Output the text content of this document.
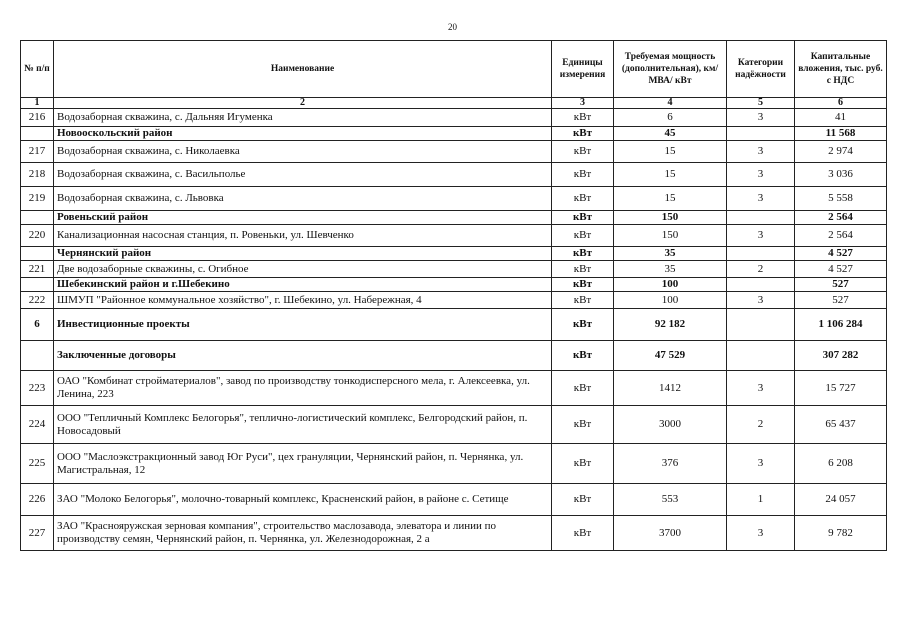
20
№ п/п	Наименование	Единицы измерения	Требуемая мощность (дополнительная), км/ МВА/ кВт	Категории надёжности	Капитальные вложения, тыс. руб. с НДС
1	2	3	4	5	6
216	Водозаборная скважина, с. Дальняя Игуменка	кВт	6	3	41
	Новооскольский район	кВт	45		11 568
217	Водозаборная скважина, с. Николаевка	кВт	15	3	2 974
218	Водозаборная скважина, с. Васильполье	кВт	15	3	3 036
219	Водозаборная скважина, с. Львовка	кВт	15	3	5 558
	Ровеньский район	кВт	150		2 564
220	Канализационная насосная станция, п. Ровеньки, ул. Шевченко	кВт	150	3	2 564
	Чернянский район	кВт	35		4 527
221	Две водозаборные скважины, с. Огибное	кВт	35	2	4 527
	Шебекинский район и г.Шебекино	кВт	100		527
222	ШМУП "Районное коммунальное хозяйство", г. Шебекино, ул. Набережная, 4	кВт	100	3	527
6	Инвестиционные проекты	кВт	92 182		1 106 284
	Заключенные договоры	кВт	47 529		307 282
223	ОАО "Комбинат стройматериалов", завод по производству тонкодисперсного мела, г. Алексеевка, ул. Ленина, 223	кВт	1412	3	15 727
224	ООО "Тепличный Комплекс Белогорья", теплично-логистический комплекс, Белгородский район, п. Новосадовый	кВт	3000	2	65 437
225	ООО "Маслоэкстракционный завод Юг Руси", цех грануляции, Чернянский район, п. Чернянка, ул. Магистральная, 12	кВт	376	3	6 208
226	ЗАО "Молоко Белогорья", молочно-товарный комплекс, Красненский район, в районе с. Сетище	кВт	553	1	24 057
227	ЗАО "Краснояружская зерновая компания", строительство маслозавода, элеватора и линии по производству семян, Чернянский район, п. Чернянка, ул. Железнодорожная, 2 а	кВт	3700	3	9 782
